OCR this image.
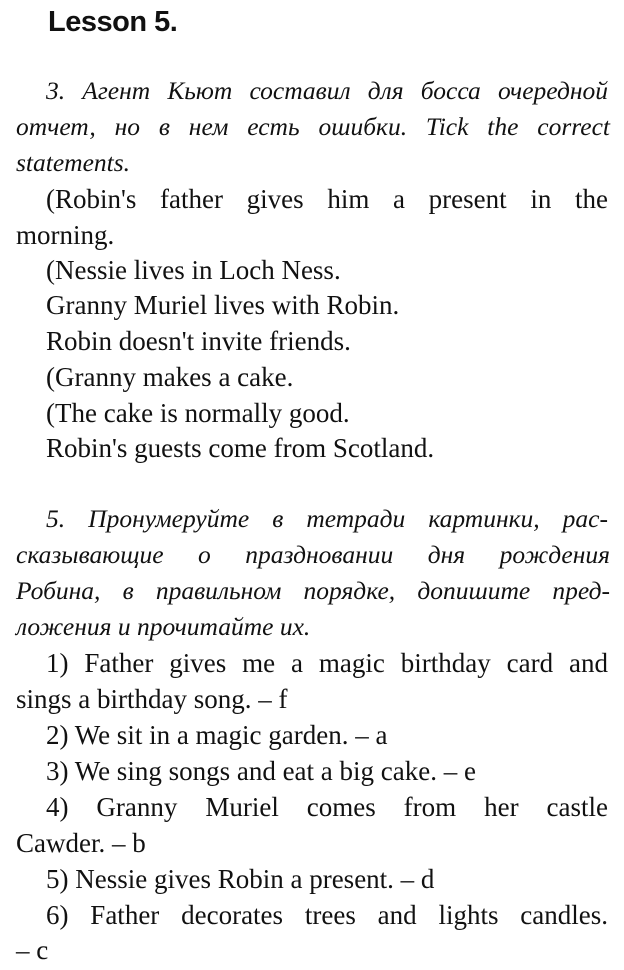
Lesson 5.
3. Агент Кьют составил для босса очередной
отчет, но в нем есть ошибки. Tick the correct
statements.
(Robin's father gives him a present in the
morning.
(Nessie lives in Loch Ness.
Granny Muriel lives with Robin.
Robin doesn't invite friends.
(Granny makes a cake.
(The cake is normally good.
Robin's guests come from Scotland.
5. Пронумеруйте в тетради картинки, рас-
сказывающие о праздновании дня рождения
Робина, в правильном порядке, допишите пред-
ложения и прочитайте их.
1) Father gives me a magic birthday card and
sings a birthday song. – f
2) We sit in a magic garden. – a
3) We sing songs and eat a big cake. – e
4) Granny Muriel comes from her castle
Cawder. – b
5) Nessie gives Robin a present. – d
6) Father decorates trees and lights candles.
– c
